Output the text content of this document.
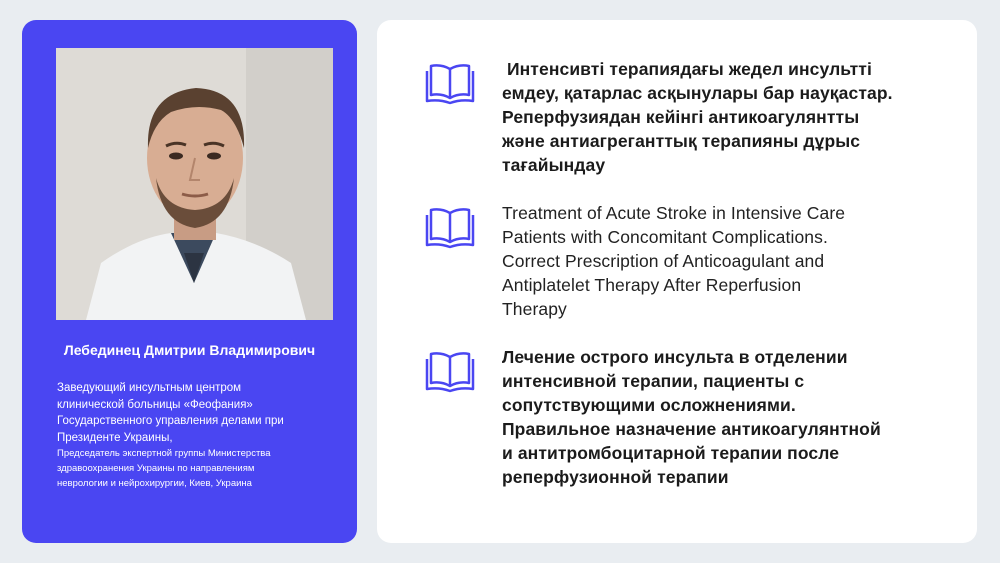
Лебединец Дмитрии Владимирович
Заведующий инсультным центром
клинической больницы «Феофания»
Государственного управления делами при
Президенте Украины,
Председатель экспертной группы Министерства
здравоохранения Украины по направлениям
неврологии и нейрохирургии, Киев, Украина
Интенсивті терапиядағы жедел инсультті
емдеу, қатарлас асқынулары бар науқастар.
Реперфузиядан кейінгі антикоагулянтты
және антиагреганттық терапияны дұрыс
тағайындау
Treatment of Acute Stroke in Intensive Care
Patients with Concomitant Complications.
Correct Prescription of Anticoagulant and
Antiplatelet Therapy After Reperfusion
Therapy
Лечение острого инсульта в отделении
интенсивной терапии, пациенты с
сопутствующими осложнениями.
Правильное назначение антикоагулянтной
и антитромбоцитарной терапии после
реперфузионной терапии
